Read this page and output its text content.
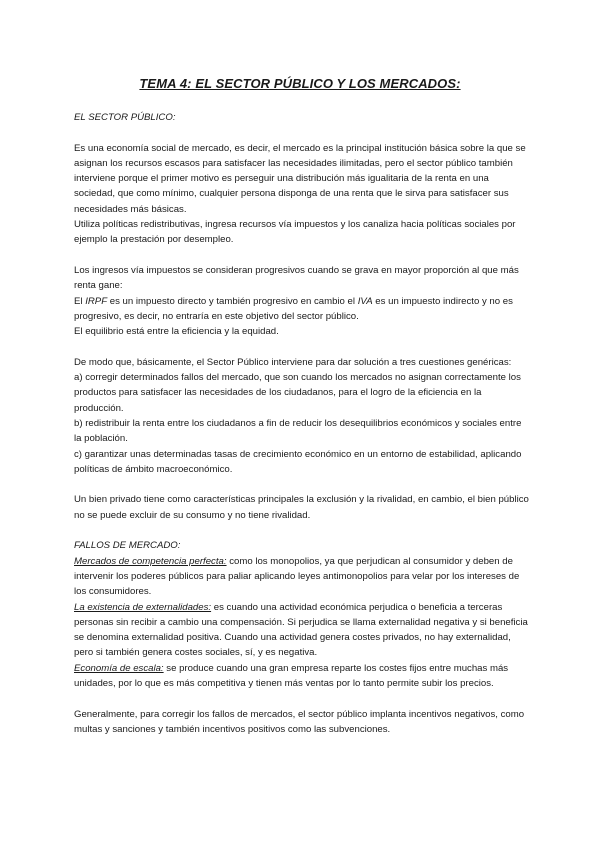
TEMA 4: EL SECTOR PÚBLICO Y LOS MERCADOS:

EL SECTOR PÚBLICO:

Es una economía social de mercado, es decir, el mercado es la principal institución básica sobre la que se asignan los recursos escasos para satisfacer las necesidades ilimitadas, pero el sector público también interviene porque el primer motivo es perseguir una distribución más igualitaria de la renta en una sociedad, que como mínimo, cualquier persona disponga de una renta que le sirva para satisfacer sus necesidades más básicas.

Utiliza políticas redistributivas, ingresa recursos vía impuestos y los canaliza hacia políticas sociales por ejemplo la prestación por desempleo.

Los ingresos vía impuestos se consideran progresivos cuando se grava en mayor proporción al que más renta gane:

El IRPF es un impuesto directo y también progresivo en cambio el IVA es un impuesto indirecto y no es progresivo, es decir, no entraría en este objetivo del sector público.

El equilibrio está entre la eficiencia y la equidad.

De modo que, básicamente, el Sector Público interviene para dar solución a tres cuestiones genéricas:

a) corregir determinados fallos del mercado, que son cuando los mercados no asignan correctamente los productos para satisfacer las necesidades de los ciudadanos, para el logro de la eficiencia en la producción.

b) redistribuir la renta entre los ciudadanos a fin de reducir los desequilibrios económicos y sociales entre la población.

c) garantizar unas determinadas tasas de crecimiento económico en un entorno de estabilidad, aplicando políticas de ámbito macroeconómico.

Un bien privado tiene como características principales la exclusión y la rivalidad, en cambio, el bien público no se puede excluir de su consumo y no tiene rivalidad.

FALLOS DE MERCADO:

Mercados de competencia perfecta: como los monopolios, ya que perjudican al consumidor y deben de intervenir los poderes públicos para paliar aplicando leyes antimonopolios para velar por los intereses de los consumidores.

La existencia de externalidades: es cuando una actividad económica perjudica o beneficia a terceras personas sin recibir a cambio una compensación. Si perjudica se llama externalidad negativa y si beneficia se denomina externalidad positiva. Cuando una actividad genera costes privados, no hay externalidad, pero si también genera costes sociales, sí, y es negativa.

Economía de escala: se produce cuando una gran empresa reparte los costes fijos entre muchas más unidades, por lo que es más competitiva y tienen más ventas por lo tanto permite subir los precios.

Generalmente, para corregir los fallos de mercados, el sector público implanta incentivos negativos, como multas y sanciones y también incentivos positivos como las subvenciones.
